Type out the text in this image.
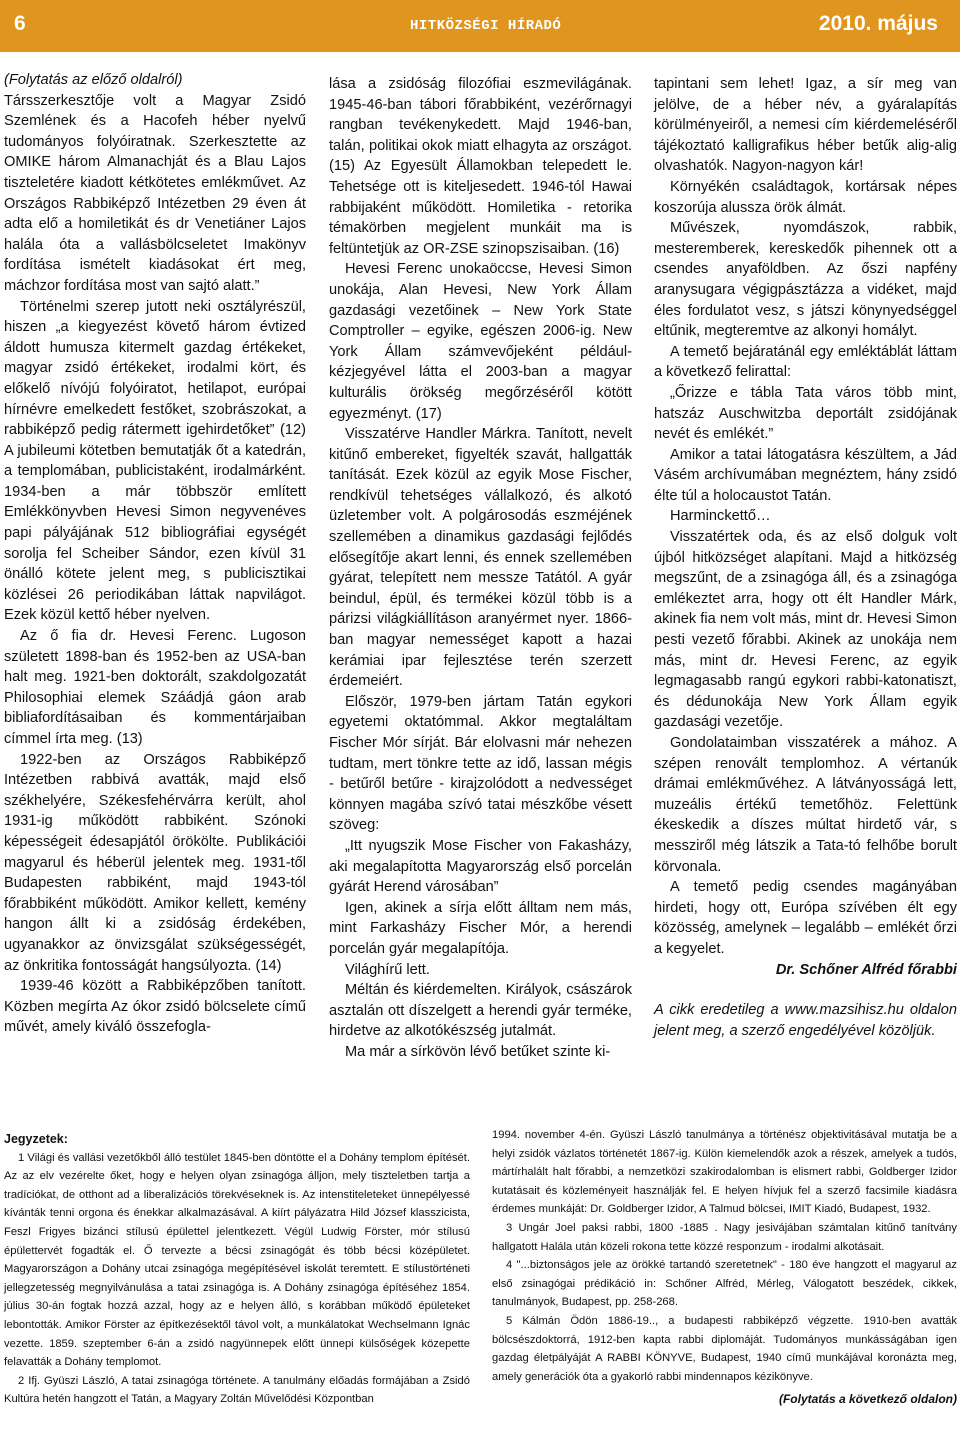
6	HITKÖZSÉGI HÍRADÓ	2010. május

(Folytatás az előző oldalról)

Társszerkesztője volt a Magyar Zsidó Szemlének és a Hacofeh héber nyelvű tudományos folyóiratnak. Szerkesztette az OMIKE három Almanachját és a Blau Lajos tiszteletére kiadott kétkötetes emlékművet. Az Országos Rabbiképző Intézetben 29 éven át adta elő a homiletikát és dr Venetiáner Lajos halála óta a vallásbölcseletet Imakönyv fordítása ismételt kiadásokat ért meg, máchzor fordítása most van sajtó alatt.”

Történelmi szerep jutott neki osztályrészül, hiszen „a kiegyezést követő három évtized áldott humusza kitermelt gazdag értékeket, magyar zsidó értékeket, irodalmi kört, és előkelő nívójú folyóiratot, hetilapot, európai hírnévre emelkedett festőket, szobrászokat, a rabbiképző pedig rátermett igehirdetőket” (12) A jubileumi kötetben bemutatják őt a katedrán, a templomában, publicistaként, irodalmárként. 1934-ben a már többször említett Emlékkönyvben Hevesi Simon negyvenéves papi pályájának 512 bibliográfiai egységét sorolja fel Scheiber Sándor, ezen kívül 31 önálló kötete jelent meg, s publicisztikai közlései 26 periodikában láttak napvilágot. Ezek közül kettő héber nyelven.

Az ő fia dr. Hevesi Ferenc. Lugoson született 1898-ban és 1952-ben az USA-ban halt meg. 1921-ben doktorált, szakdolgozatát Philosophiai elemek Száádjá gáon arab bibliafordításaiban és kommentárjaiban címmel írta meg. (13)

1922-ben az Országos Rabbiképző Intézetben rabbivá avatták, majd első székhelyére, Székesfehérvárra került, ahol 1931-ig működött rabbiként. Szónoki képességeit édesapjától örökölte. Publikációi magyarul és héberül jelentek meg. 1931-től Budapesten rabbiként, majd 1943-tól főrabbiként működött. Amikor kellett, kemény hangon állt ki a zsidóság érdekében, ugyanakkor az önvizsgálat szükségességét, az önkritika fontosságát hangsúlyozta. (14)

1939-46 között a Rabbiképzőben tanított. Közben megírta Az ókor zsidó bölcselete című művét, amely kiváló összefogla-

lása a zsidóság filozófiai eszmevilágának. 1945-46-ban tábori főrabbiként, vezérőrnagyi rangban tevékenykedett. Majd 1946-ban, talán, politikai okok miatt elhagyta az országot. (15) Az Egyesült Államokban telepedett le. Tehetsége ott is kiteljesedett. 1946-tól Hawai rabbijaként működött. Homiletika - retorika témakörben megjelent munkáit ma is feltüntetjük az OR-ZSE szinopszisaiban. (16)

Hevesi Ferenc unokaöccse, Hevesi Simon unokája, Alan Hevesi, New York Állam gazdasági vezetőinek – New York State Comptroller – egyike, egészen 2006-ig. New York Állam számvevőjeként például- kézjegyével látta el 2003-ban a magyar kulturális örökség megőrzéséről kötött egyezményt. (17)

Visszatérve Handler Márkra. Tanított, nevelt kitűnő embereket, figyelték szavát, hallgatták tanítását. Ezek közül az egyik Mose Fischer, rendkívül tehetséges vállalkozó, és alkotó üzletember volt. A polgárosodás eszméjének szellemében a dinamikus gazdasági fejlődés elősegítője akart lenni, és ennek szellemében gyárat, telepített nem messze Tatától. A gyár beindul, épül, és termékei közül több is a párizsi világkiállításon aranyérmet nyer. 1866-ban magyar nemességet kapott a hazai kerámiai ipar fejlesztése terén szerzett érdemeiért.

Először, 1979-ben jártam Tatán egykori egyetemi oktatómmal. Akkor megtaláltam Fischer Mór sírját. Bár elolvasni már nehezen tudtam, mert tönkre tette az idő, lassan mégis - betűről betűre - kirajzolódott a nedvességet könnyen magába szívó tatai mészkőbe vésett szöveg:

„Itt nyugszik Mose Fischer von Fakasházy, aki megalapította Magyarország első porcelán gyárát Herend városában”

Igen, akinek a sírja előtt álltam nem más, mint Farkasházy Fischer Mór, a herendi porcelán gyár megalapítója.

Világhírű lett.

Méltán és kiérdemelten. Királyok, császárok asztalán ott díszelgett a herendi gyár terméke, hirdetve az alkotókészség jutalmát.

Ma már a sírkövön lévő betűket szinte ki-

tapintani sem lehet! Igaz, a sír meg van jelölve, de a héber név, a gyáralapítás körülményeiről, a nemesi cím kiérdemeléséről tájékoztató kalligrafikus héber betűk alig-alig olvashatók. Nagyon-nagyon kár!

Környékén családtagok, kortársak népes koszorúja alussza örök álmát.

Művészek, nyomdászok, rabbik, mesteremberek, kereskedők pihennek ott a csendes anyaföldben. Az őszi napfény aranysugara végigpásztázza a vidéket, majd éles fordulatot vesz, s játszi könynyedséggel eltűnik, megteremtve az alkonyi homályt.

A temető bejáratánál egy emléktáblát láttam a következő felirattal:

„Őrizze e tábla Tata város több mint, hatszáz Auschwitzba deportált zsidójának nevét és emlékét.”

Amikor a tatai látogatásra készültem, a Jád Vásém archívumában megnéztem, hány zsidó élte túl a holocaustot Tatán.

Harminckettő…

Visszatértek oda, és az első dolguk volt újból hitközséget alapítani. Majd a hitközség megszűnt, de a zsinagóga áll, és a zsinagóga emlékeztet arra, hogy ott élt Handler Márk, akinek fia nem volt más, mint dr. Hevesi Simon pesti vezető főrabbi. Akinek az unokája nem más, mint dr. Hevesi Ferenc, az egyik legmagasabb rangú egykori rabbi-katonatiszt, és dédunokája New York Állam egyik gazdasági vezetője.

Gondolataimban visszatérek a mához. A szépen renovált templomhoz. A vértanúk drámai emlékművéhez. A látványosságá lett, muzeális értékű temetőhöz. Felettünk ékeskedik a díszes múltat hirdető vár, s messziről még látszik a Tata-tó felhőbe borult körvonala.

A temető pedig csendes magányában hirdeti, hogy ott, Európa szívében élt egy közösség, amelynek – legalább – emlékét őrzi a kegyelet.

Dr. Schőner Alfréd főrabbi

A cikk eredetileg a www.mazsihisz.hu oldalon jelent meg, a szerző engedélyével közöljük.

Jegyzetek:

1 Világi és vallási vezetőkből álló testület 1845-ben döntötte el a Dohány templom építését. Az az elv vezérelte őket, hogy e helyen olyan zsinagóga álljon, mely tiszteletben tartja a tradíciókat, de otthont ad a liberalizációs törekvéseknek is. Az intenstiteleteket ünnepélyessé kívánták tenni orgona és énekkar alkalmazásával. A kiírt pályázatra Hild József klasszicista, Feszl Frigyes bizánci stílusú épülettel jelentkezett. Végül Ludwig Förster, mór stílusú épülettervét fogadták el. Ő tervezte a bécsi zsinagógát és több bécsi középületet. Magyarországon a Dohány utcai zsinagóga megépítésével iskolát teremtett. E stílustörténeti jellegzetesség megnyilvánulása a tatai zsinagóga is. A Dohány zsinagóga építéséhez 1854. július 30-án fogtak hozzá azzal, hogy az e helyen álló, s korábban működő épületeket lebontották. Amikor Förster az építkezésektől távol volt, a munkálatokat Wechselmann Ignác vezette. 1859. szeptember 6-án a zsidó nagyünnepek előtt ünnepi külsőségek közepette felavatták a Dohány templomot.

2 Ifj. Gyüszi László, A tatai zsinagóga története. A tanulmány előadás formájában a Zsidó Kultúra hetén hangzott el Tatán, a Magyary Zoltán Művelődési Központban

1994. november 4-én. Gyüszi László tanulmánya a történész objektivitásával mutatja be a helyi zsidók vázlatos történetét 1867-ig. Külön kiemelendők azok a részek, amelyek a tudós, mártírhalált halt főrabbi, a nemzetközi szakirodalomban is elismert rabbi, Goldberger Izidor kutatásait és közleményeit használják fel. E helyen hívjuk fel a szerző facsimile kiadásra érdemes munkáját: Dr. Goldberger Izidor, A Talmud bölcsei, IMIT Kiadó, Budapest, 1932.

3 Ungár Joel paksi rabbi, 1800 -1885 . Nagy jesivájában számtalan kitűnő tanítvány hallgatott Halála után közeli rokona tette közzé responzum - irodalmi alkotásait.

4 "...biztonságos jele az örökké tartandó szeretetnek" - 180 éve hangzott el magyarul az első zsinagógai prédikáció in: Schőner Alfréd, Mérleg, Válogatott beszédek, cikkek, tanulmányok, Budapest, pp. 258-268.

5 Kálmán Ödön 1886-19.., a budapesti rabbiképző végzette. 1910-ben avatták bölcsészdoktorrá, 1912-ben kapta rabbi diplomáját. Tudományos munkásságában igen gazdag életpályáját A RABBI KÖNYVE, Budapest, 1940 című munkájával koronázta meg, amely generációk óta a gyakorló rabbi mindennapos kézikönyve.

(Folytatás a következő oldalon)
